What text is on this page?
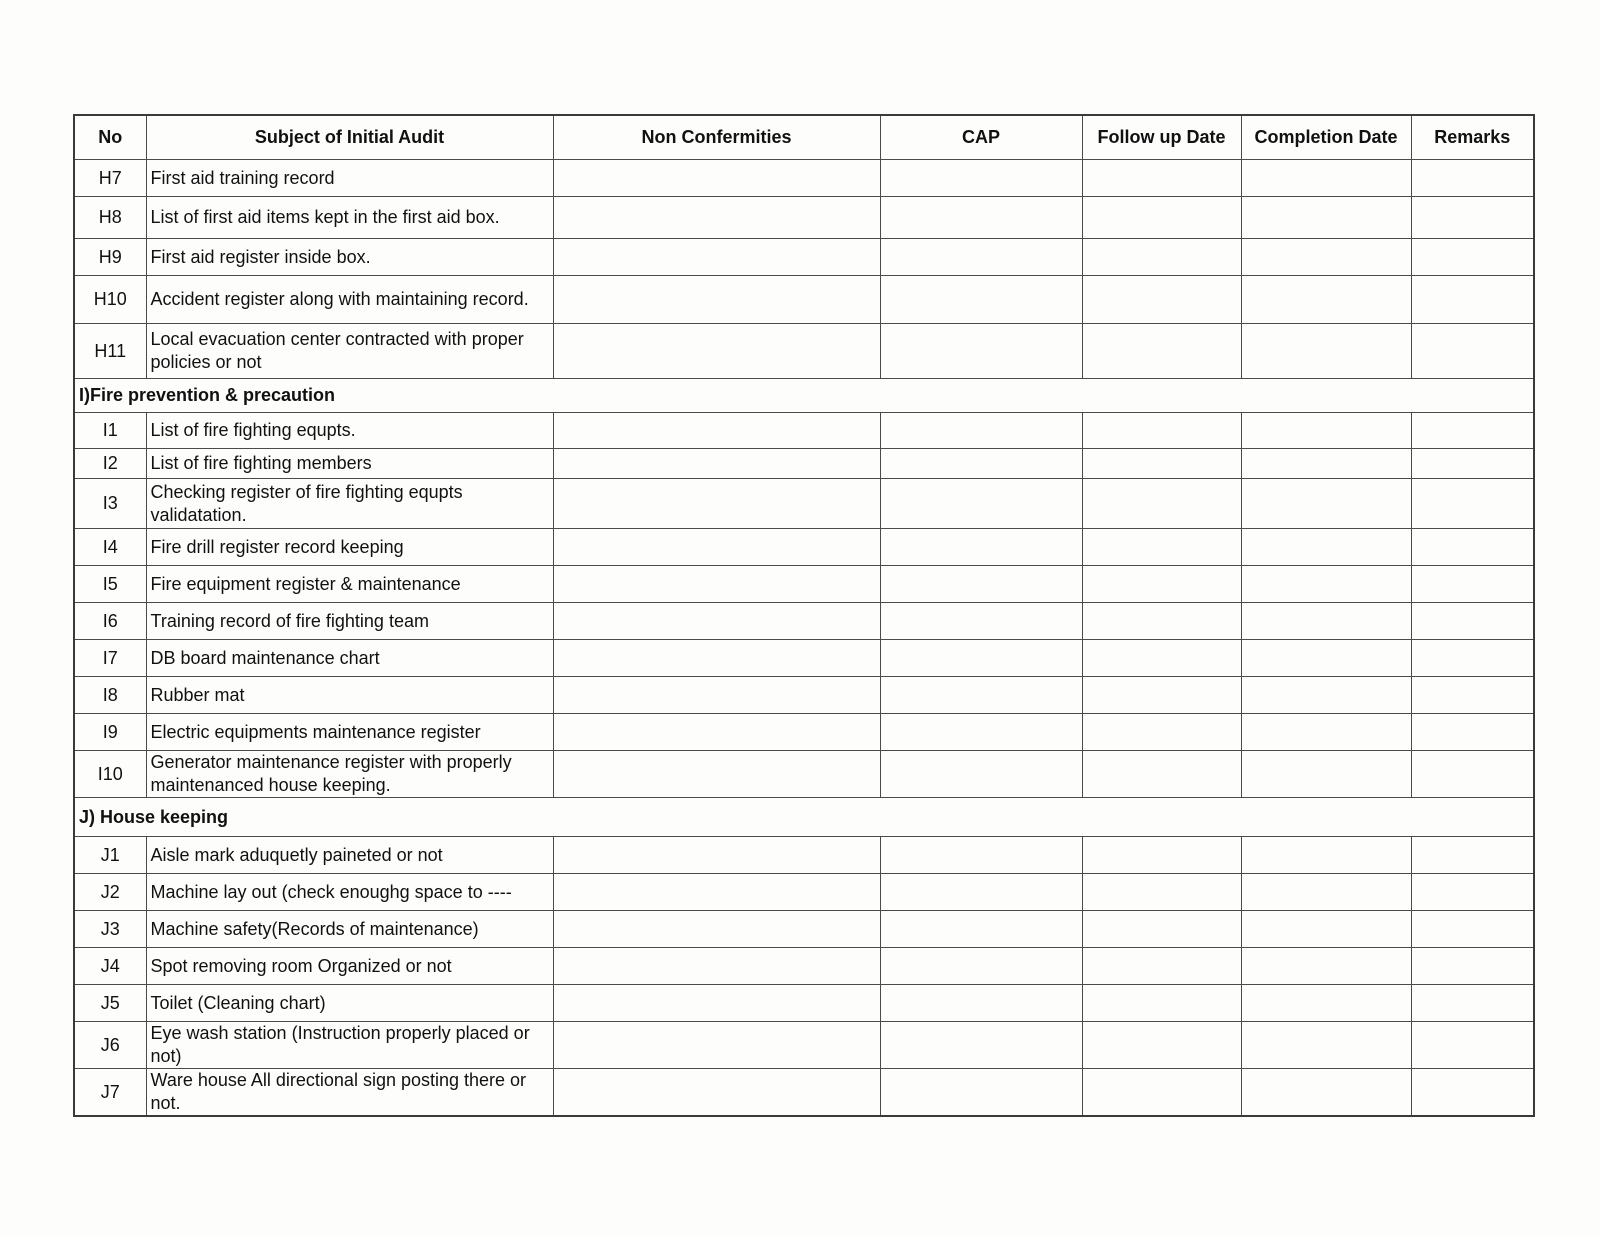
No	Subject of Initial Audit	Non Confermities	CAP	Follow up Date	Completion Date	Remarks
H7	First aid training record					
H8	List of first aid items kept in the first aid box.					
H9	First aid register inside box.					
H10	Accident register along with maintaining record.					
H11	Local evacuation center contracted with proper policies or not					
I)Fire prevention & precaution						
I1	List of fire fighting equpts.					
I2	List of fire fighting members					
I3	Checking register of fire fighting equpts validatation.					
I4	Fire drill register record keeping					
I5	Fire equipment register & maintenance					
I6	Training record of fire fighting team					
I7	DB board maintenance chart					
I8	Rubber mat					
I9	Electric equipments maintenance register					
I10	Generator maintenance register with properly maintenanced house keeping.					
J) House keeping						
J1	Aisle mark aduquetly paineted or not					
J2	Machine lay out (check enoughg space to ----					
J3	Machine safety(Records of maintenance)					
J4	Spot removing room Organized or not					
J5	Toilet (Cleaning chart)					
J6	Eye wash station (Instruction properly placed or not)					
J7	Ware house All directional sign posting there or not.					
